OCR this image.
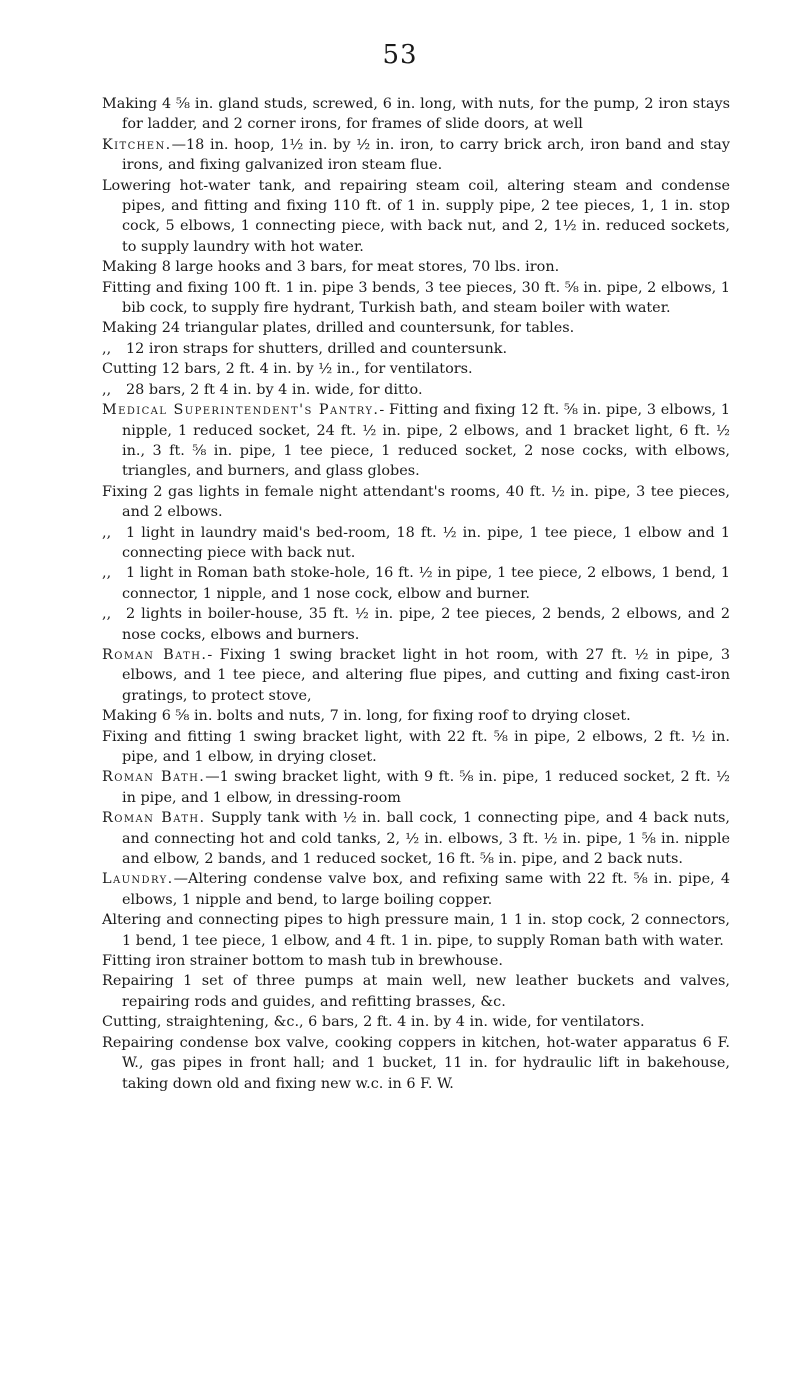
53
Making 4 ⅝ in. gland studs, screwed, 6 in. long, with nuts, for the pump, 2 iron stays for ladder, and 2 corner irons, for frames of slide doors, at well
Kitchen.—18 in. hoop, 1½ in. by ½ in. iron, to carry brick arch, iron band and stay irons, and fixing galvanized iron steam flue.
Lowering hot-water tank, and repairing steam coil, altering steam and condense pipes, and fitting and fixing 110 ft. of 1 in. supply pipe, 2 tee pieces, 1, 1 in. stop cock, 5 elbows, 1 connecting piece, with back nut, and 2, 1½ in. reduced sockets, to supply laundry with hot water.
Making 8 large hooks and 3 bars, for meat stores, 70 lbs. iron.
Fitting and fixing 100 ft. 1 in. pipe 3 bends, 3 tee pieces, 30 ft. ⅝ in. pipe, 2 elbows, 1 bib cock, to supply fire hydrant, Turkish bath, and steam boiler with water.
Making 24 triangular plates, drilled and countersunk, for tables.
,, 12 iron straps for shutters, drilled and countersunk.
Cutting 12 bars, 2 ft. 4 in. by ½ in., for ventilators.
,, 28 bars, 2 ft 4 in. by 4 in. wide, for ditto.
Medical Superintendent's Pantry.- Fitting and fixing 12 ft. ⅝ in. pipe, 3 elbows, 1 nipple, 1 reduced socket, 24 ft. ½ in. pipe, 2 elbows, and 1 bracket light, 6 ft. ½ in., 3 ft. ⅝ in. pipe, 1 tee piece, 1 reduced socket, 2 nose cocks, with elbows, triangles, and burners, and glass globes.
Fixing 2 gas lights in female night attendant's rooms, 40 ft. ½ in. pipe, 3 tee pieces, and 2 elbows.
,, 1 light in laundry maid's bed-room, 18 ft. ½ in. pipe, 1 tee piece, 1 elbow and 1 connecting piece with back nut.
,, 1 light in Roman bath stoke-hole, 16 ft. ½ in pipe, 1 tee piece, 2 elbows, 1 bend, 1 connector, 1 nipple, and 1 nose cock, elbow and burner.
,, 2 lights in boiler-house, 35 ft. ½ in. pipe, 2 tee pieces, 2 bends, 2 elbows, and 2 nose cocks, elbows and burners.
Roman Bath.- Fixing 1 swing bracket light in hot room, with 27 ft. ½ in pipe, 3 elbows, and 1 tee piece, and altering flue pipes, and cutting and fixing cast-iron gratings, to protect stove,
Making 6 ⅝ in. bolts and nuts, 7 in. long, for fixing roof to drying closet.
Fixing and fitting 1 swing bracket light, with 22 ft. ⅝ in pipe, 2 elbows, 2 ft. ½ in. pipe, and 1 elbow, in drying closet.
Roman Bath.—1 swing bracket light, with 9 ft. ⅝ in. pipe, 1 reduced socket, 2 ft. ½ in pipe, and 1 elbow, in dressing-room
Roman Bath. Supply tank with ½ in. ball cock, 1 connecting pipe, and 4 back nuts, and connecting hot and cold tanks, 2, ½ in. elbows, 3 ft. ½ in. pipe, 1 ⅝ in. nipple and elbow, 2 bands, and 1 reduced socket, 16 ft. ⅝ in. pipe, and 2 back nuts.
Laundry.—Altering condense valve box, and refixing same with 22 ft. ⅝ in. pipe, 4 elbows, 1 nipple and bend, to large boiling copper.
Altering and connecting pipes to high pressure main, 1 1 in. stop cock, 2 connectors, 1 bend, 1 tee piece, 1 elbow, and 4 ft. 1 in. pipe, to supply Roman bath with water.
Fitting iron strainer bottom to mash tub in brewhouse.
Repairing 1 set of three pumps at main well, new leather buckets and valves, repairing rods and guides, and refitting brasses, &c.
Cutting, straightening, &c., 6 bars, 2 ft. 4 in. by 4 in. wide, for ventilators.
Repairing condense box valve, cooking coppers in kitchen, hot-water apparatus 6 F. W., gas pipes in front hall; and 1 bucket, 11 in. for hydraulic lift in bakehouse, taking down old and fixing new w.c. in 6 F. W.
